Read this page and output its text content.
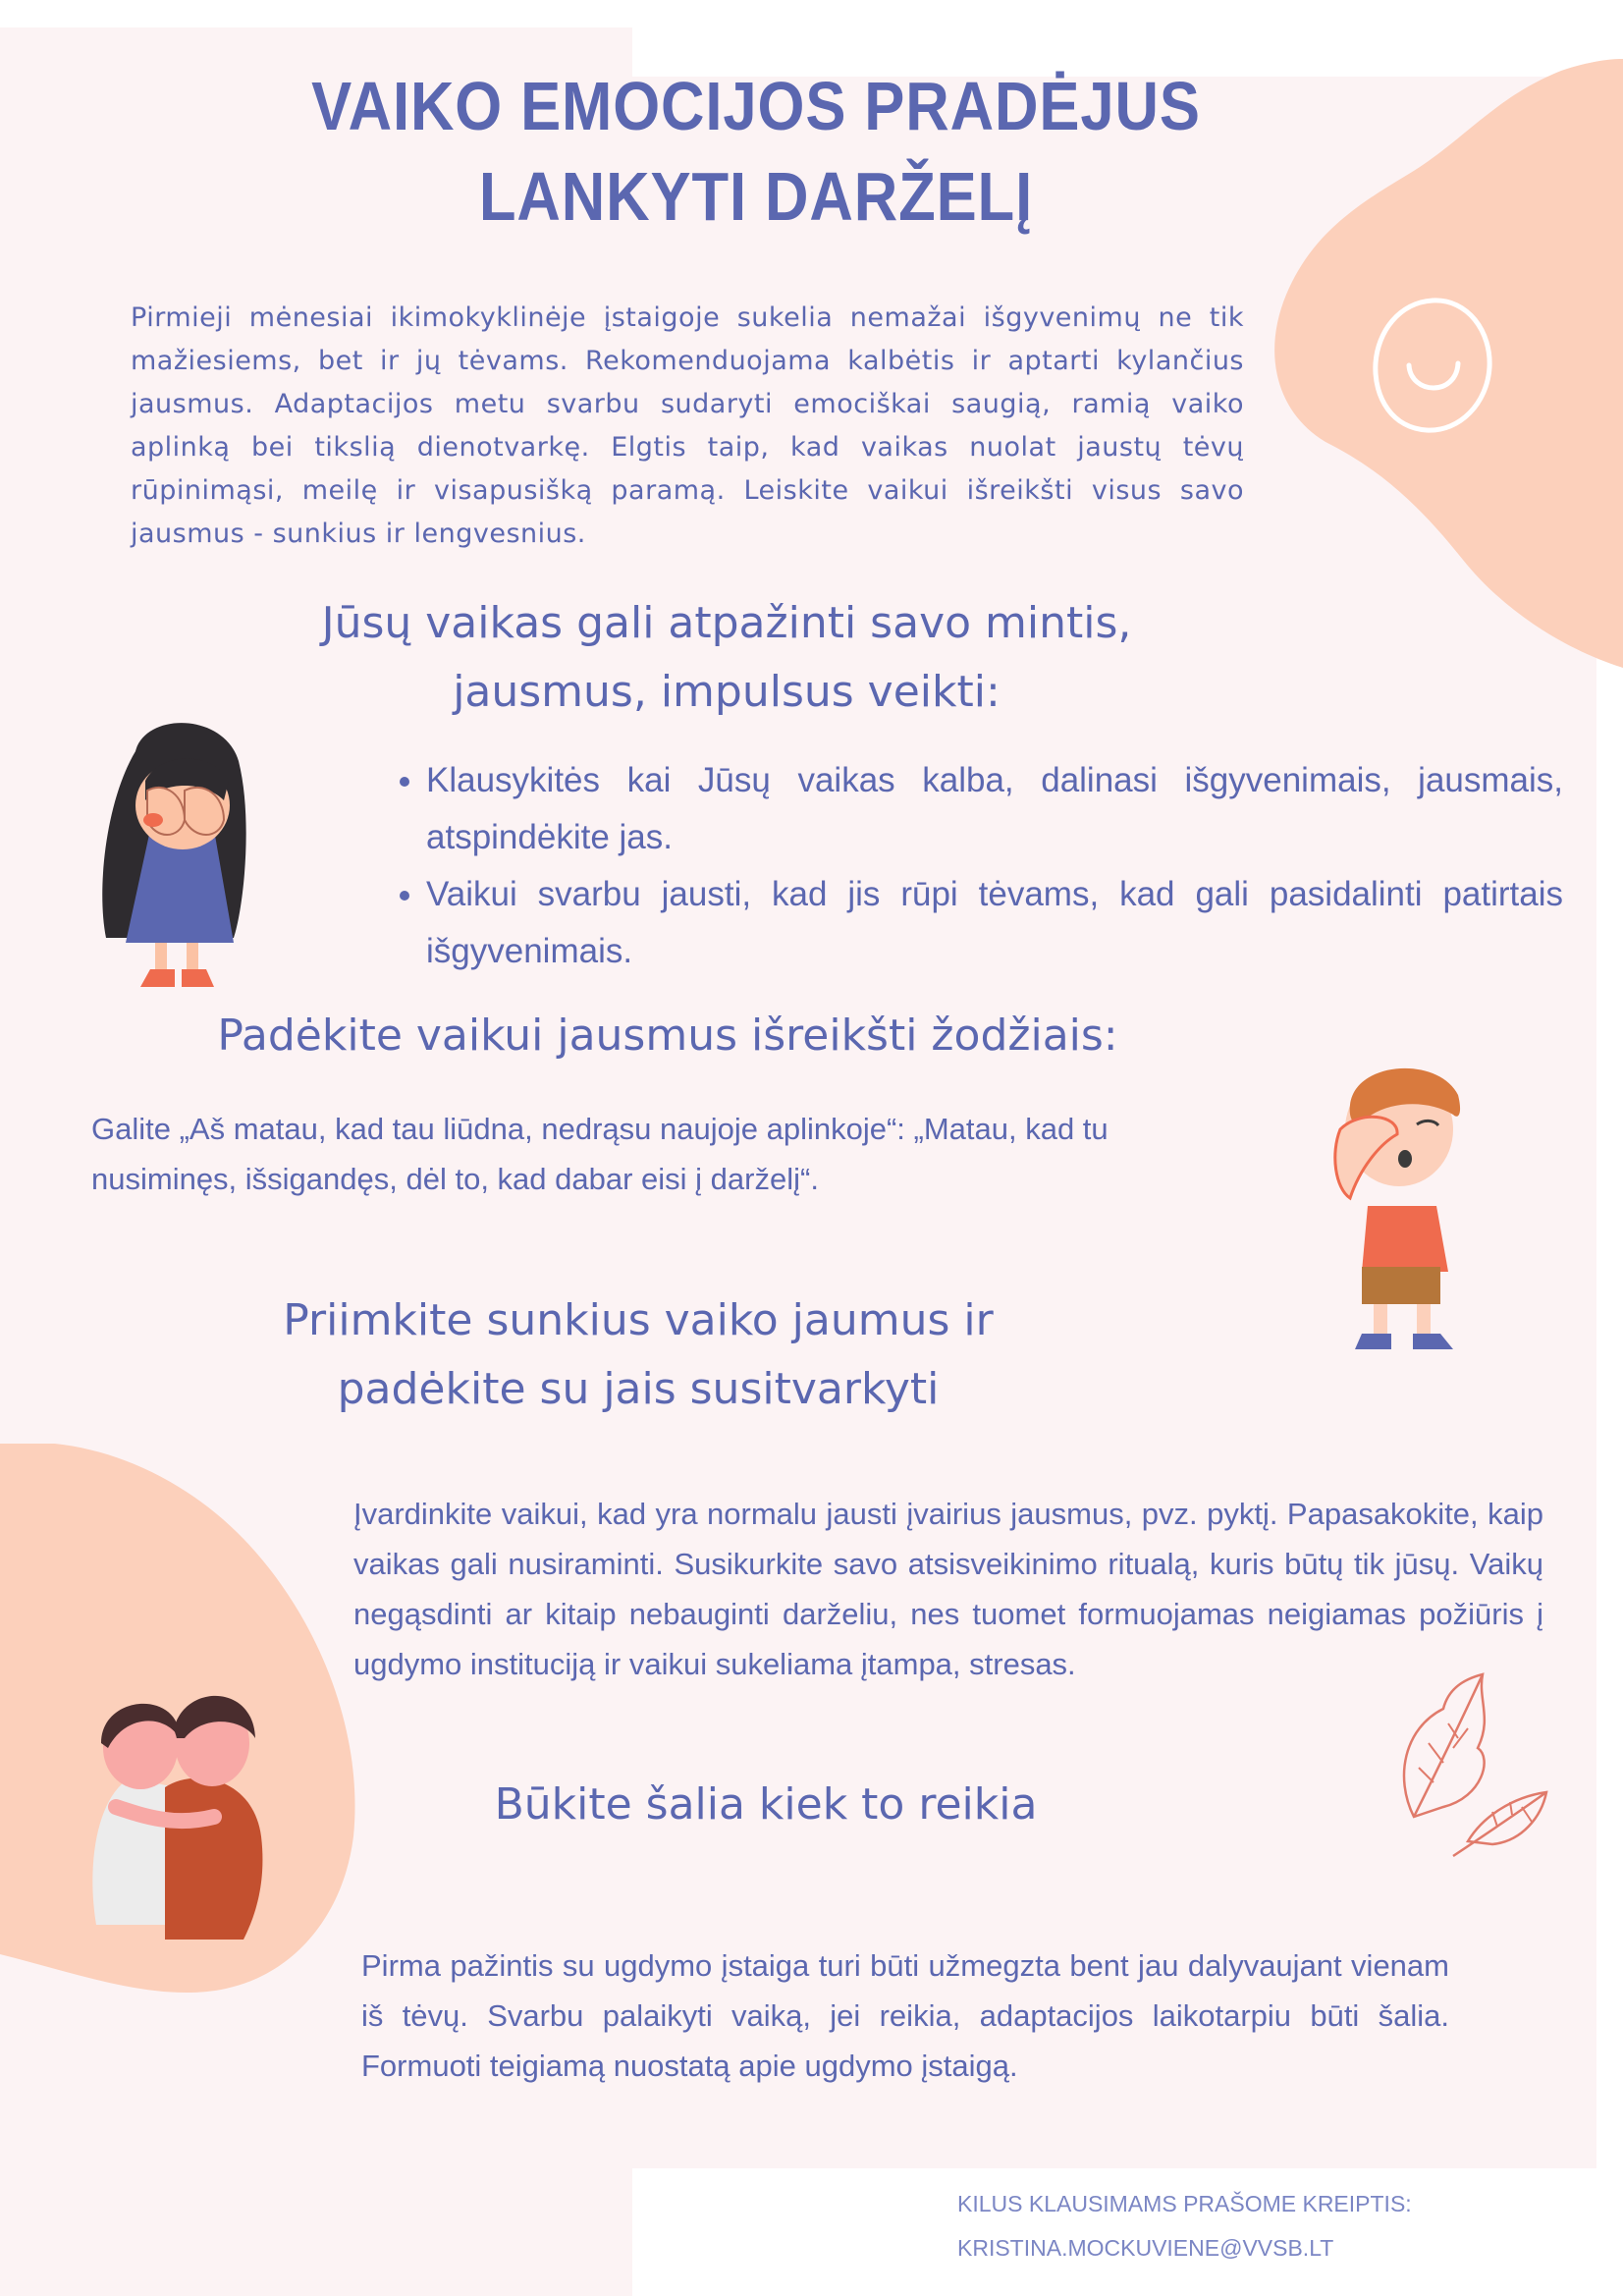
VAIKO EMOCIJOS PRADĖJUS
LANKYTI DARŽELĮ
Pirmieji mėnesiai ikimokyklinėje įstaigoje sukelia nemažai išgyvenimų ne tik mažiesiems, bet ir jų tėvams. Rekomenduojama kalbėtis ir aptarti kylančius jausmus. Adaptacijos metu svarbu sudaryti emociškai saugią, ramią vaiko aplinką bei tikslią dienotvarkę. Elgtis taip, kad vaikas nuolat jaustų tėvų rūpinimąsi, meilę ir visapusišką paramą. Leiskite vaikui išreikšti visus savo jausmus - sunkius ir lengvesnius.
Jūsų vaikas gali atpažinti savo mintis,
jausmus, impulsus veikti:
• Klausykitės kai Jūsų vaikas kalba, dalinasi išgyvenimais, jausmais, atspindėkite jas.
• Vaikui svarbu jausti, kad jis rūpi tėvams, kad gali pasidalinti patirtais išgyvenimais.
Padėkite vaikui jausmus išreikšti žodžiais:
Galite „Aš matau, kad tau liūdna, nedrąsu naujoje aplinkoje“: „Matau, kad tu
nusiminęs, išsigandęs, dėl to, kad dabar eisi į darželį“.
Priimkite sunkius vaiko jaumus ir
padėkite su jais susitvarkyti
Įvardinkite vaikui, kad yra normalu jausti įvairius jausmus, pvz. pyktį. Papasakokite, kaip vaikas gali nusiraminti. Susikurkite savo atsisveikinimo ritualą, kuris būtų tik jūsų. Vaikų negąsdinti ar kitaip nebauginti darželiu, nes tuomet formuojamas neigiamas požiūris į ugdymo instituciją ir vaikui sukeliama įtampa, stresas.
Būkite šalia kiek to reikia
Pirma pažintis su ugdymo įstaiga turi būti užmegzta bent jau dalyvaujant vienam iš tėvų. Svarbu palaikyti vaiką, jei reikia, adaptacijos laikotarpiu būti šalia. Formuoti teigiamą nuostatą apie ugdymo įstaigą.
KILUS KLAUSIMAMS PRAŠOME KREIPTIS:
KRISTINA.MOCKUVIENE@VVSB.LT
